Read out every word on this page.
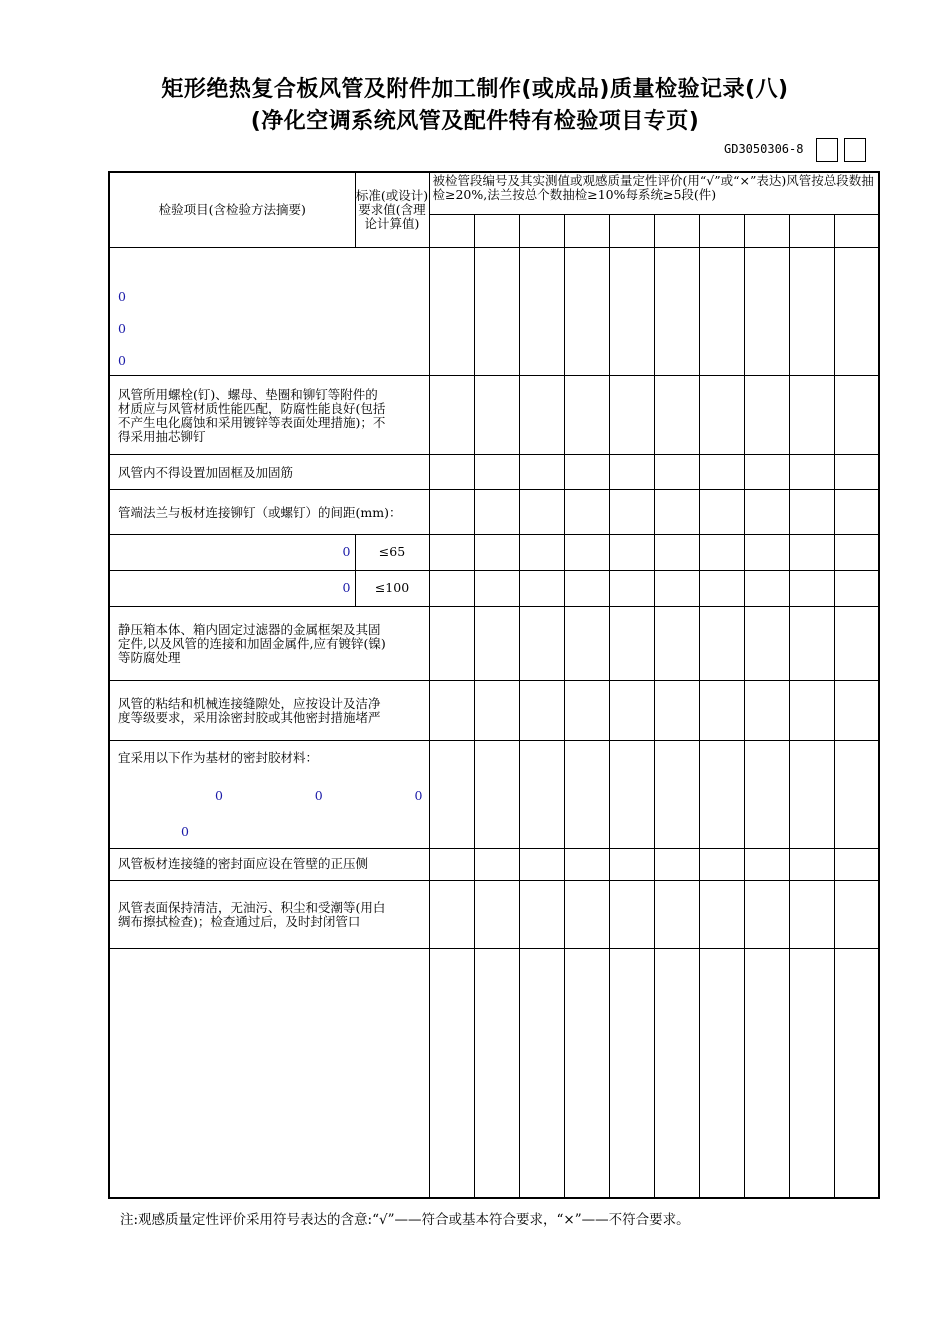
矩形绝热复合板风管及附件加工制作(或成品)质量检验记录(八)
(净化空调系统风管及配件特有检验项目专页)
GD3050306-8
检验项目(含检验方法摘要)	标准(或设计)要求值(含理论计算值)	被检管段编号及其实测值或观感质量定性评价(用“√”或“×”表达)风管按总段数抽检≥20%,法兰按总个数抽检≥10%每系统≥5段(件)									

0
0
0											

风管所用螺栓(钉)、螺母、垫圈和铆钉等附件的材质应与风管材质性能匹配，防腐性能良好(包括不产生电化腐蚀和采用镀锌等表面处理措施)；不得采用抽芯铆钉											
风管内不得设置加固框及加固筋											
管端法兰与板材连接铆钉（或螺钉）的间距(mm)：											
0	≤65										
0	≤100										
静压箱本体、箱内固定过滤器的金属框架及其固定件,以及风管的连接和加固金属件,应有镀锌(镍)等防腐处理											
风管的粘结和机械连接缝隙处，应按设计及洁净度等级要求，采用涂密封胶或其他密封措施堵严											

宜采用以下作为基材的密封胶材料：
0 0 0
0											

风管板材连接缝的密封面应设在管壁的正压侧											
风管表面保持清洁，无油污、积尘和受潮等(用白绸布擦拭检查)；检查通过后，及时封闭管口											

注:观感质量定性评价采用符号表达的含意:“√”——符合或基本符合要求，“×”——不符合要求。
